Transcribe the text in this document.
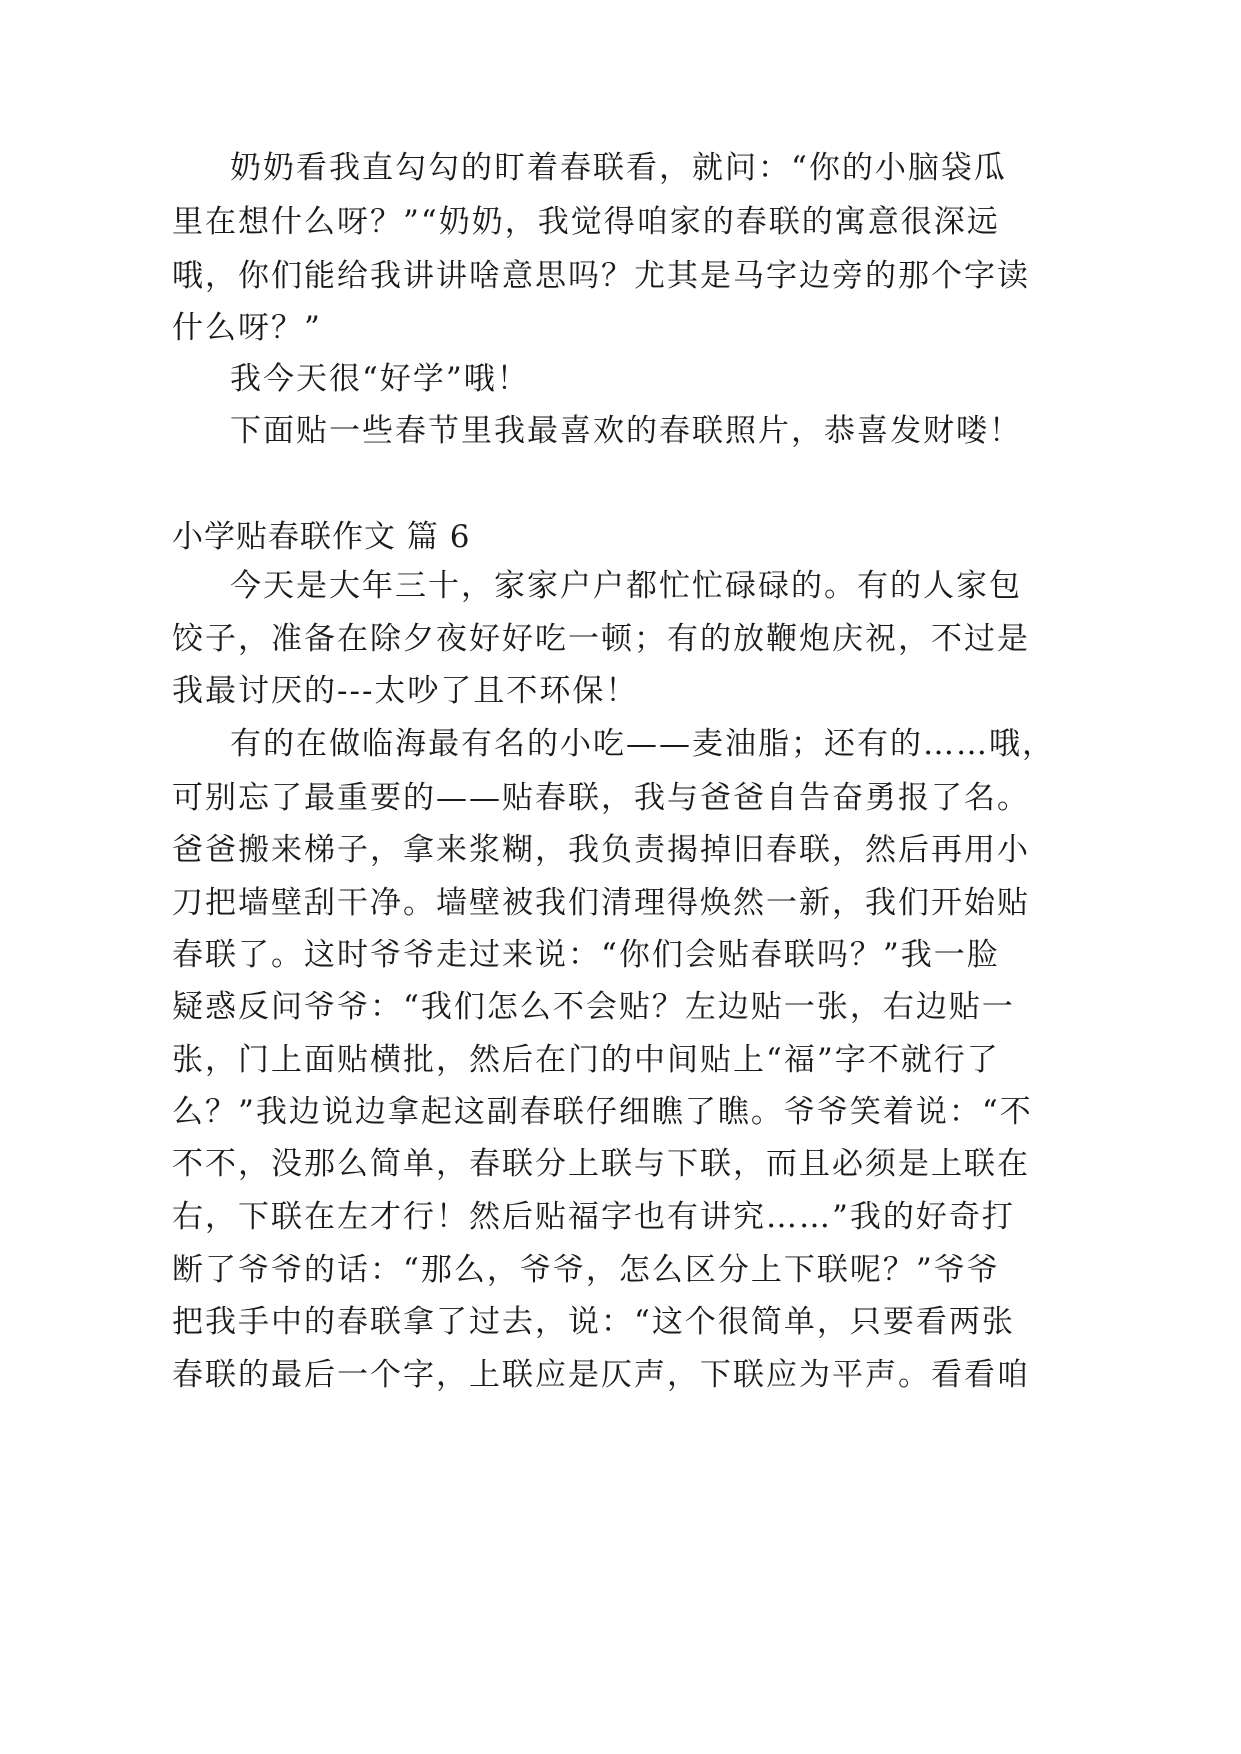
奶奶看我直勾勾的盯着春联看，就问：“你的小脑袋瓜

里在想什么呀？”“奶奶，我觉得咱家的春联的寓意很深远

哦，你们能给我讲讲啥意思吗？尤其是马字边旁的那个字读

什么呀？”

我今天很“好学”哦！

下面贴一些春节里我最喜欢的春联照片，恭喜发财喽！

小学贴春联作文 篇 6

今天是大年三十，家家户户都忙忙碌碌的。有的人家包

饺子，准备在除夕夜好好吃一顿；有的放鞭炮庆祝，不过是

我最讨厌的---太吵了且不环保！

有的在做临海最有名的小吃——麦油脂；还有的……哦，

可别忘了最重要的——贴春联，我与爸爸自告奋勇报了名。

爸爸搬来梯子，拿来浆糊，我负责揭掉旧春联，然后再用小

刀把墙壁刮干净。墙壁被我们清理得焕然一新，我们开始贴

春联了。这时爷爷走过来说：“你们会贴春联吗？”我一脸

疑惑反问爷爷：“我们怎么不会贴？左边贴一张，右边贴一

张，门上面贴横批，然后在门的中间贴上“福”字不就行了

么？”我边说边拿起这副春联仔细瞧了瞧。爷爷笑着说：“不

不不，没那么简单，春联分上联与下联，而且必须是上联在

右，下联在左才行！然后贴福字也有讲究……”我的好奇打

断了爷爷的话：“那么，爷爷，怎么区分上下联呢？”爷爷

把我手中的春联拿了过去，说：“这个很简单，只要看两张

春联的最后一个字，上联应是仄声，下联应为平声。看看咱
